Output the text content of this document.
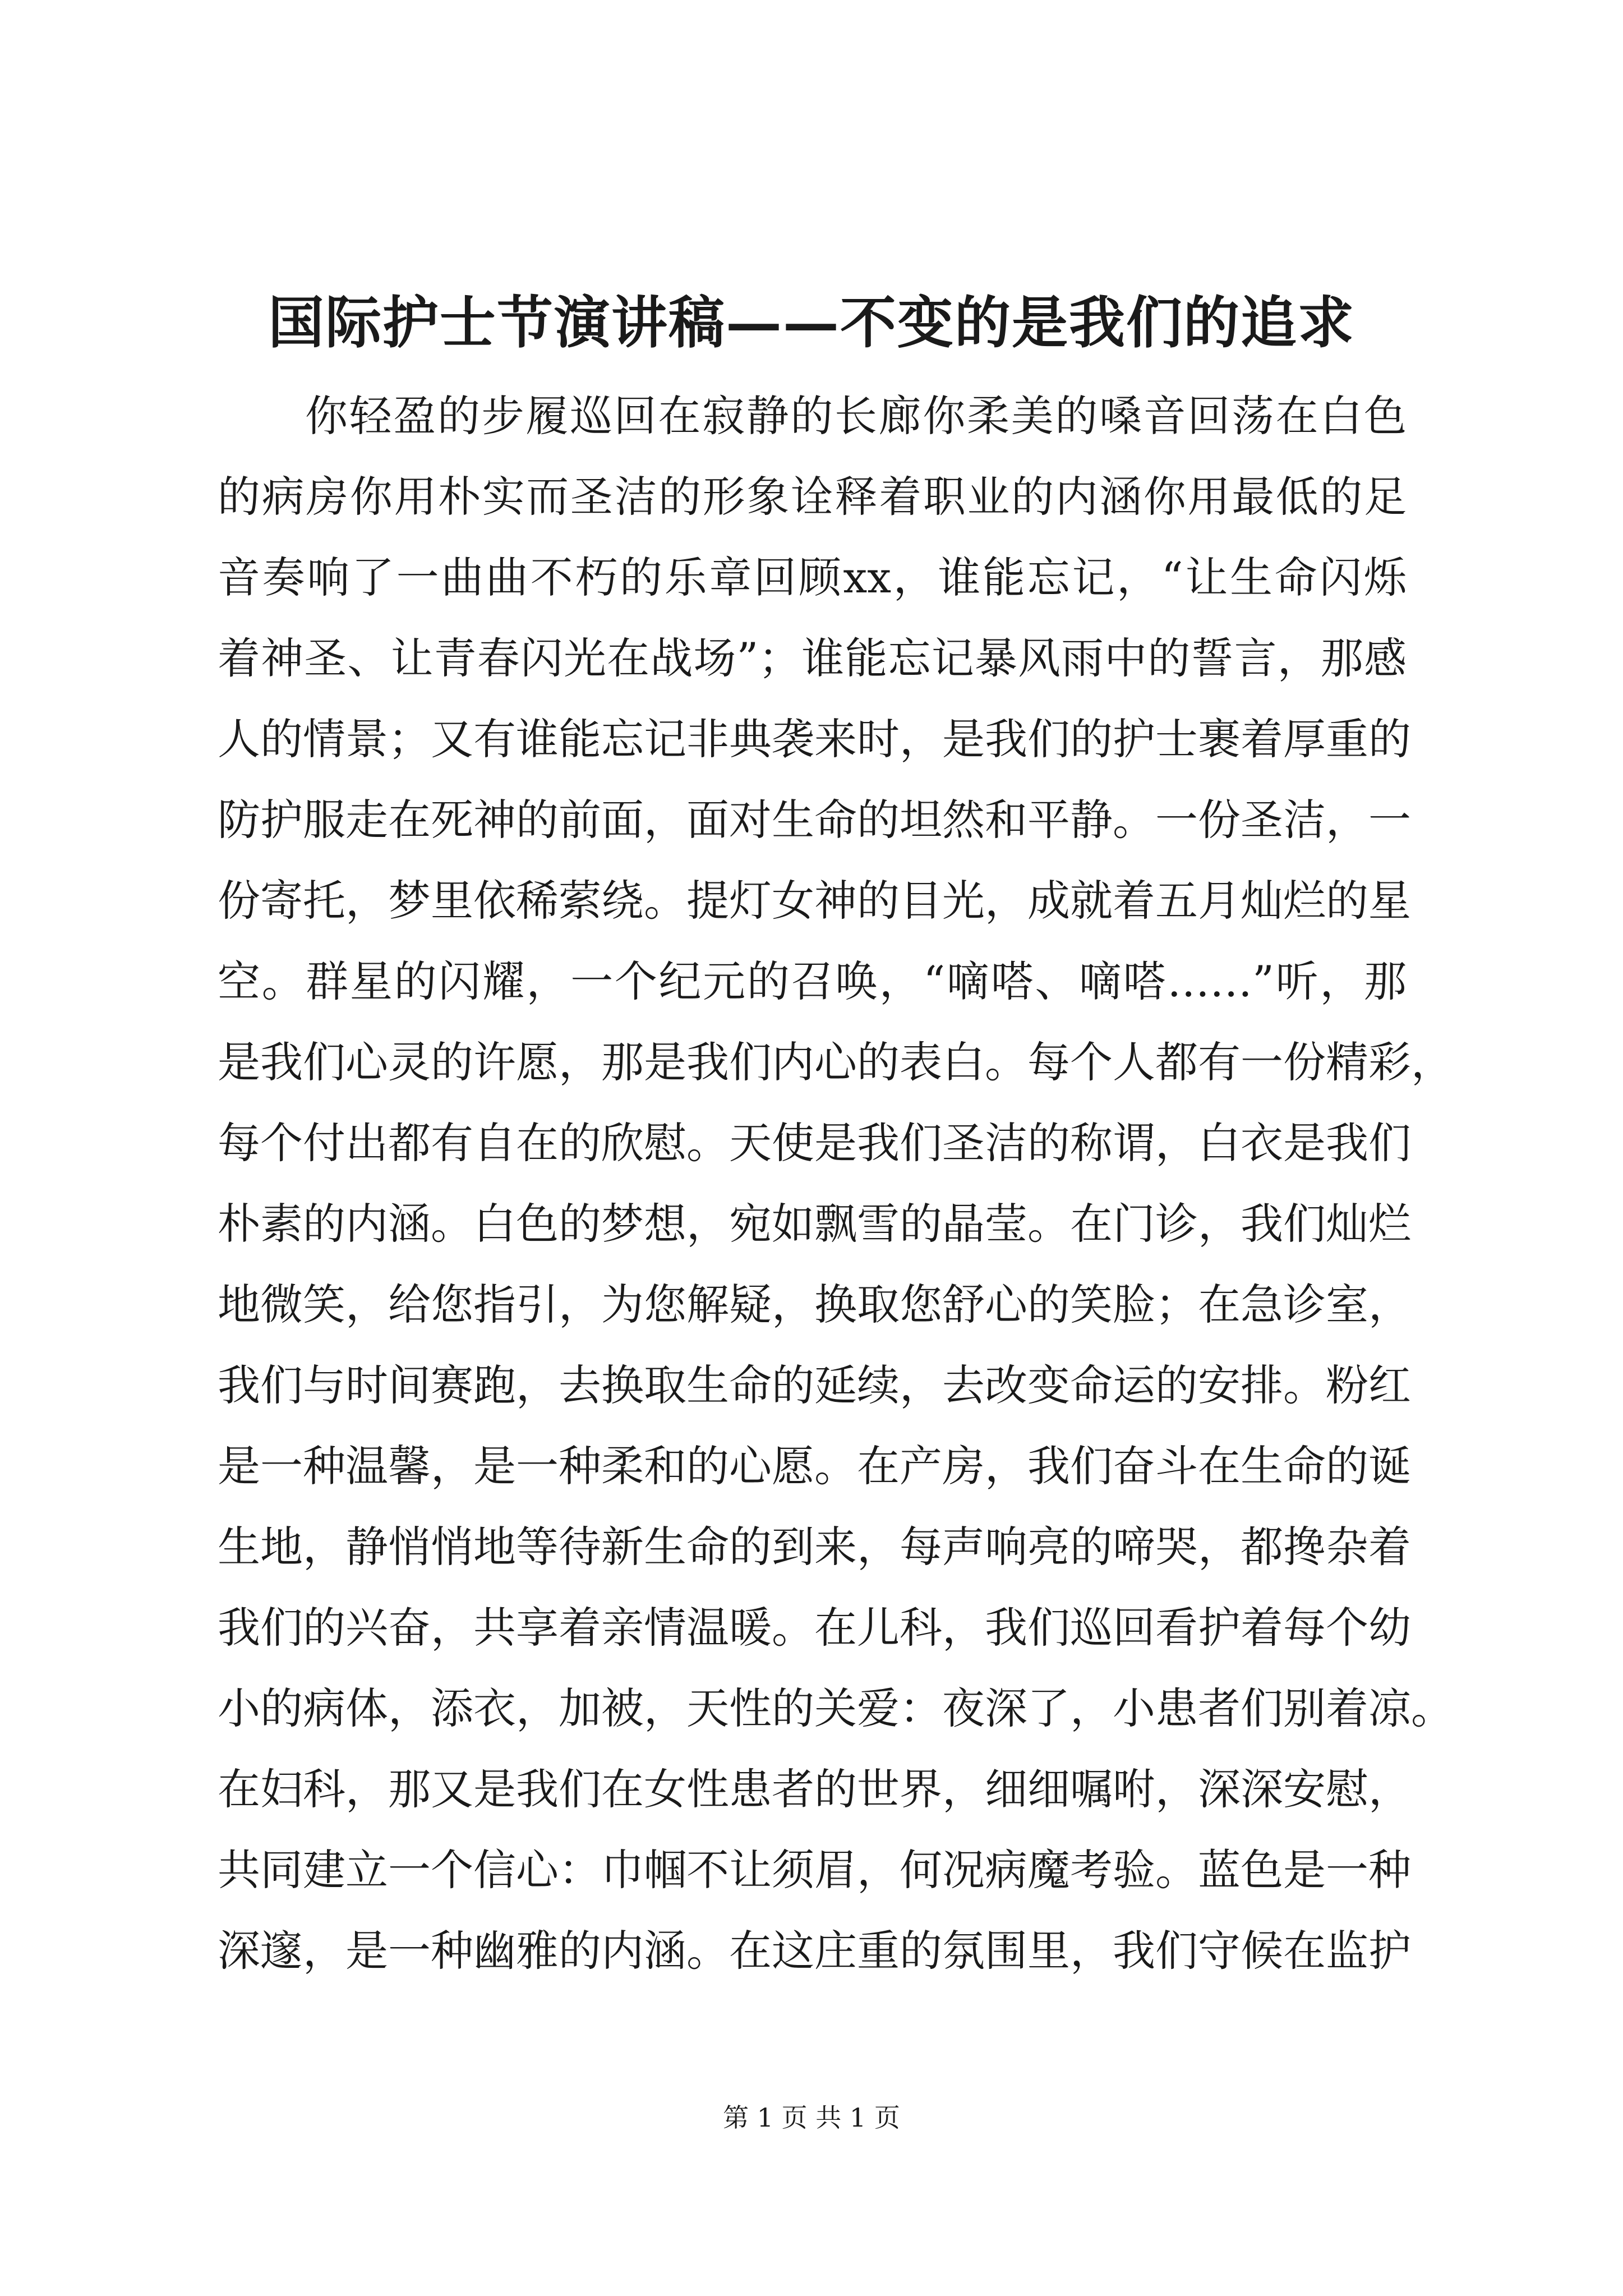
国际护士节演讲稿——不变的是我们的追求
你轻盈的步履巡回在寂静的长廊你柔美的嗓音回荡在白色
的病房你用朴实而圣洁的形象诠释着职业的内涵你用最低的足
音奏响了一曲曲不朽的乐章回顾xx，谁能忘记，“让生命闪烁
着神圣、让青春闪光在战场”；谁能忘记暴风雨中的誓言，那感
人的情景；又有谁能忘记非典袭来时，是我们的护士裹着厚重的
防护服走在死神的前面，面对生命的坦然和平静。一份圣洁，一
份寄托，梦里依稀萦绕。提灯女神的目光，成就着五月灿烂的星
空。群星的闪耀，一个纪元的召唤，“嘀嗒、嘀嗒……”听，那
是我们心灵的许愿，那是我们内心的表白。每个人都有一份精彩，
每个付出都有自在的欣慰。天使是我们圣洁的称谓，白衣是我们
朴素的内涵。白色的梦想，宛如飘雪的晶莹。在门诊，我们灿烂
地微笑，给您指引，为您解疑，换取您舒心的笑脸；在急诊室，
我们与时间赛跑，去换取生命的延续，去改变命运的安排。粉红
是一种温馨，是一种柔和的心愿。在产房，我们奋斗在生命的诞
生地，静悄悄地等待新生命的到来，每声响亮的啼哭，都搀杂着
我们的兴奋，共享着亲情温暖。在儿科，我们巡回看护着每个幼
小的病体，添衣，加被，天性的关爱：夜深了，小患者们别着凉。
在妇科，那又是我们在女性患者的世界，细细嘱咐，深深安慰，
共同建立一个信心：巾帼不让须眉，何况病魔考验。蓝色是一种
深邃，是一种幽雅的内涵。在这庄重的氛围里，我们守候在监护
第 1 页 共 1 页
